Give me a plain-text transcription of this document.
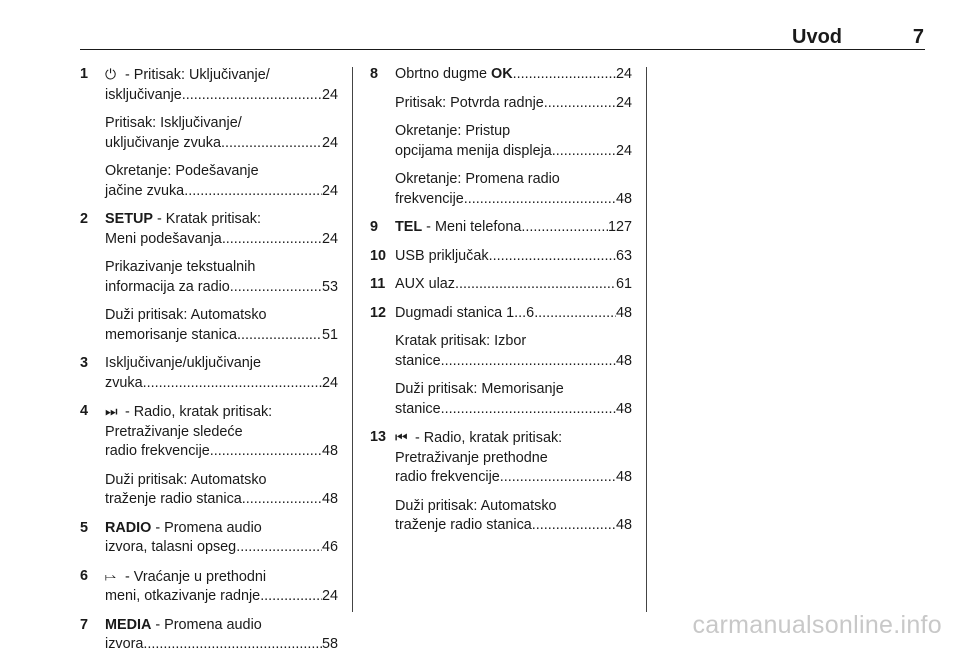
Uvod	7
1 ⏻ - Pritisak: Uključivanje/
isključivanje .....	24
Pritisak: Isključivanje/
uključivanje zvuka .....	24
Okretanje: Podešavanje
jačine zvuka .....	24
2 SETUP - Kratak pritisak:
Meni podešavanja .....	24
Prikazivanje tekstualnih
informacija za radio .....	53
Duži pritisak: Automatsko
memorisanje stanica .....	51
3 Isključivanje/uključivanje
zvuka .....	24
4 ⏭ - Radio, kratak pritisak:
Pretraživanje sledeće
radio frekvencije .....	48
Duži pritisak: Automatsko
traženje radio stanica .....	48
5 RADIO - Promena audio
izvora, talasni opseg .....	46
6 ⥛ - Vraćanje u prethodni
meni, otkazivanje radnje .....	24
7 MEDIA - Promena audio
izvora .....	58
8 Obrtno dugme OK .....	24
Pritisak: Potvrda radnje .....	24
Okretanje: Pristup
opcijama menija displeja .....	24
Okretanje: Promena radio
frekvencije .....	48
9 TEL - Meni telefona .....	127
10 USB priključak .....	63
11 AUX ulaz .....	61
12 Dugmadi stanica 1...6 .....	48
Kratak pritisak: Izbor
stanice .....	48
Duži pritisak: Memorisanje
stanice .....	48
13 ⏮ - Radio, kratak pritisak:
Pretraživanje prethodne
radio frekvencije .....	48
Duži pritisak: Automatsko
traženje radio stanica .....	48
carmanualsonline.info
